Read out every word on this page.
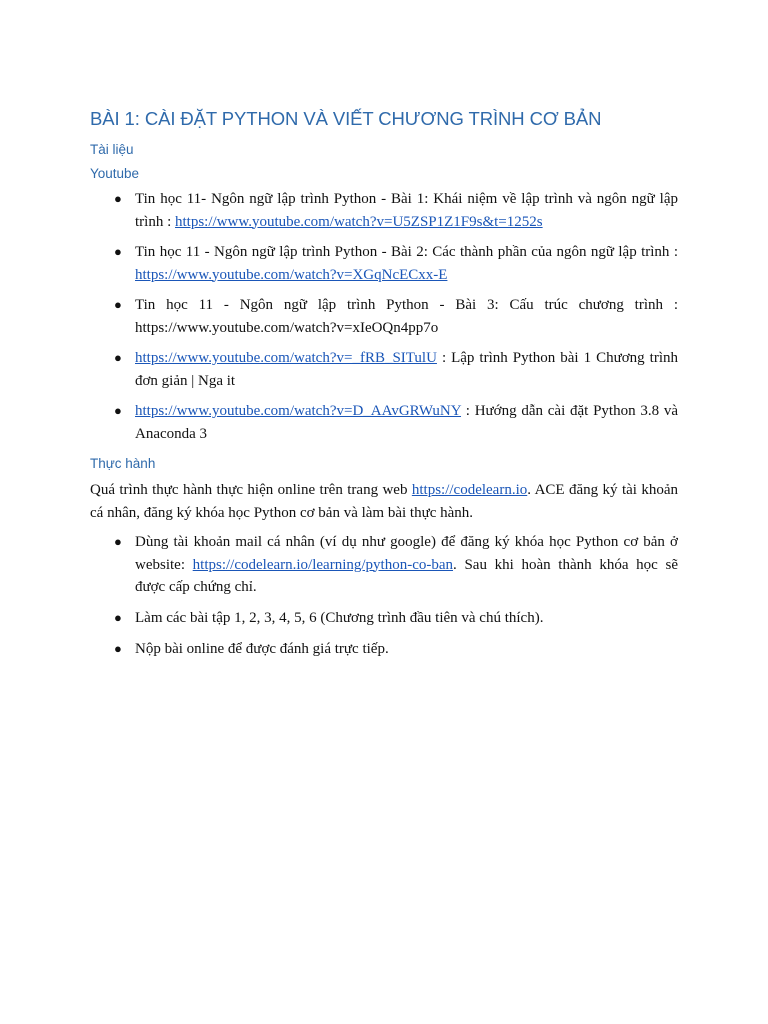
BÀI 1: CÀI ĐẶT PYTHON VÀ VIẾT CHƯƠNG TRÌNH CƠ BẢN
Tài liệu
Youtube
● Tin học 11- Ngôn ngữ lập trình Python - Bài 1: Khái niệm về lập trình và ngôn ngữ lập trình : https://www.youtube.com/watch?v=U5ZSP1Z1F9s&t=1252s
● Tin học 11 - Ngôn ngữ lập trình Python - Bài 2: Các thành phần của ngôn ngữ lập trình : https://www.youtube.com/watch?v=XGqNcECxx-E
● Tin học 11 - Ngôn ngữ lập trình Python - Bài 3: Cấu trúc chương trình : https://www.youtube.com/watch?v=xIeOQn4pp7o
● https://www.youtube.com/watch?v=_fRB_SITulU : Lập trình Python bài 1 Chương trình đơn giản | Nga it
● https://www.youtube.com/watch?v=D_AAvGRWuNY : Hướng dẫn cài đặt Python 3.8 và Anaconda 3
Thực hành

Quá trình thực hành thực hiện online trên trang web https://codelearn.io. ACE đăng ký tài khoản cá nhân, đăng ký khóa học Python cơ bản và làm bài thực hành.

● Dùng tài khoản mail cá nhân (ví dụ như google) để đăng ký khóa học Python cơ bản ở website: https://codelearn.io/learning/python-co-ban. Sau khi hoàn thành khóa học sẽ được cấp chứng chỉ.
● Làm các bài tập 1, 2, 3, 4, 5, 6 (Chương trình đầu tiên và chú thích).
● Nộp bài online để được đánh giá trực tiếp.
